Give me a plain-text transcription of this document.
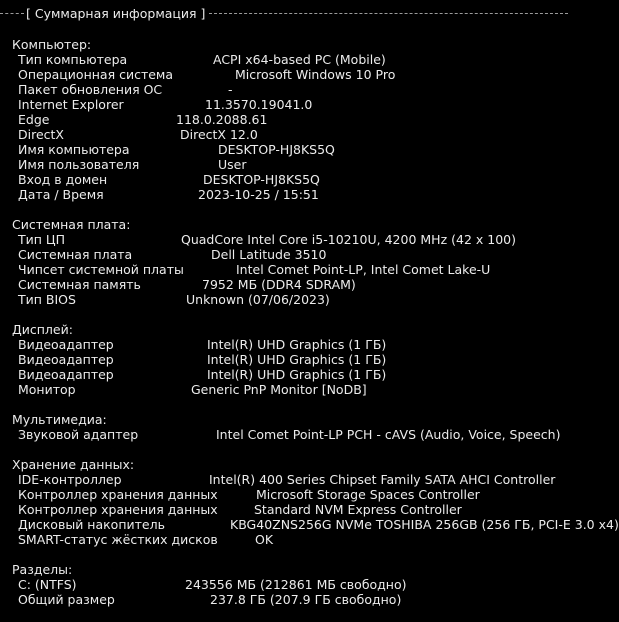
[ Суммарная информация ]
Компьютер:
Тип компьютера	ACPI x64-based PC (Mobile)
Операционная система	Microsoft Windows 10 Pro
Пакет обновления ОС	-
Internet Explorer	11.3570.19041.0
Edge	118.0.2088.61
DirectX	DirectX 12.0
Имя компьютера	DESKTOP-HJ8KS5Q
Имя пользователя	User
Вход в домен	DESKTOP-HJ8KS5Q
Дата / Время	2023-10-25 / 15:51
Системная плата:
Тип ЦП	QuadCore Intel Core i5-10210U, 4200 MHz (42 x 100)
Системная плата	Dell Latitude 3510
Чипсет системной платы	Intel Comet Point-LP, Intel Comet Lake-U
Системная память	7952 МБ (DDR4 SDRAM)
Тип BIOS	Unknown (07/06/2023)
Дисплей:
Видеоадаптер	Intel(R) UHD Graphics (1 ГБ)
Видеоадаптер	Intel(R) UHD Graphics (1 ГБ)
Видеоадаптер	Intel(R) UHD Graphics (1 ГБ)
Монитор	Generic PnP Monitor [NoDB]
Мультимедиа:
Звуковой адаптер	Intel Comet Point-LP PCH - cAVS (Audio, Voice, Speech)
Хранение данных:
IDE-контроллер	Intel(R) 400 Series Chipset Family SATA AHCI Controller
Контроллер хранения данных	Microsoft Storage Spaces Controller
Контроллер хранения данных	Standard NVM Express Controller
Дисковый накопитель	KBG40ZNS256G NVMe TOSHIBA 256GB (256 ГБ, PCI-E 3.0 x4)
SMART-статус жёстких дисков	OK
Разделы:
C: (NTFS)	243556 МБ (212861 МБ свободно)
Общий размер	237.8 ГБ (207.9 ГБ свободно)
